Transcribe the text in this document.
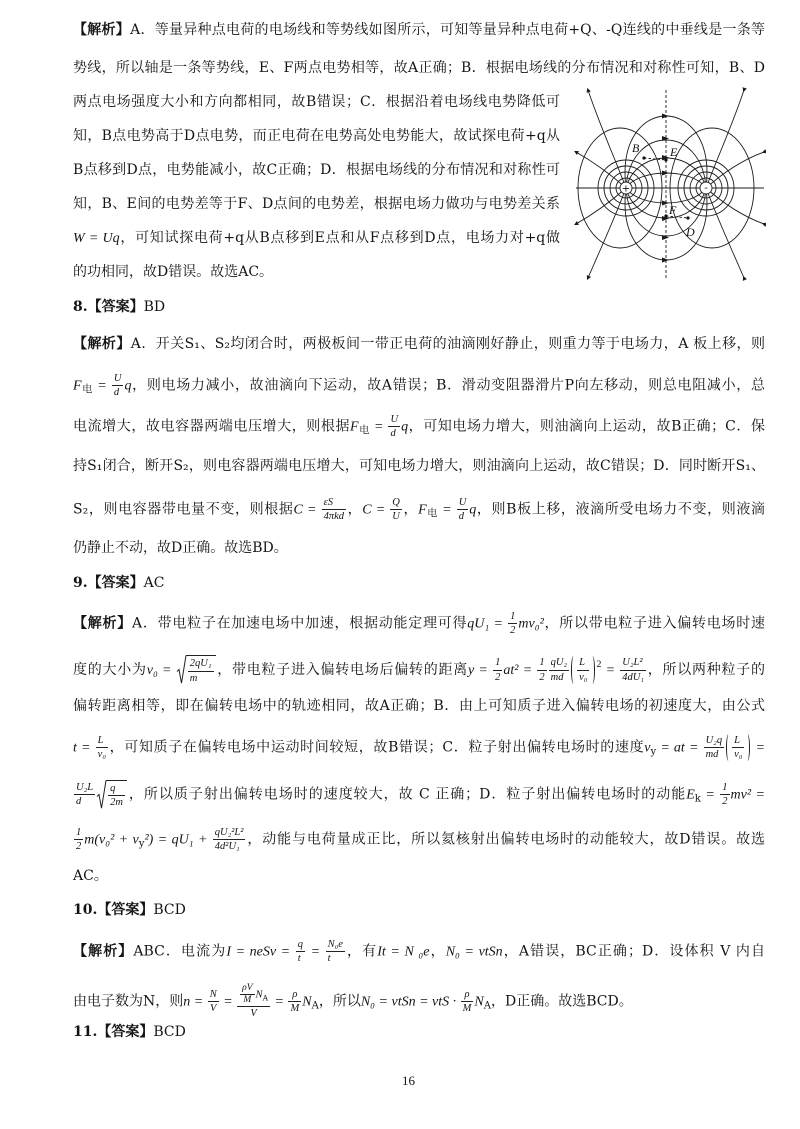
【解析】A．等量异种点电荷的电场线和等势线如图所示，可知等量异种点电荷+Q、-Q连线的中垂线是一条等
势线，所以轴是一条等势线，E、F两点电势相等，故A正确；B．根据电场线的分布情况和对称性可知，B、D
两点电场强度大小和方向都相同，故B错误；C．根据沿着电场线电势降低可
知，B点电势高于D点电势，而正电荷在电势高处电势能大，故试探电荷+q从
B点移到D点，电势能减小，故C正确；D．根据电场线的分布情况和对称性可
知，B、E间的电势差等于F、D点间的电势差，根据电场力做功与电势差关系
W = Uq，可知试探电荷+q从B点移到E点和从F点移到D点，电场力对+q做
的功相同，故D错误。故选AC。
8.【答案】BD
【解析】A．开关S₁、S₂均闭合时，两极板间一带正电荷的油滴刚好静止，则重力等于电场力，A 板上移，则
$F_电 = \frac{U}{d}$ q，则电场力减小，故油滴向下运动，故A错误；B．滑动变阻器滑片P向左移动，则总电阻减小，总
电流增大，故电容器两端电压增大，则根据$F_电 = \frac{U}{d}$ q，可知电场力增大，则油滴向上运动，故B正确；C．保
持S₁闭合，断开S₂，则电容器两端电压增大，可知电场力增大，则油滴向上运动，故C错误；D．同时断开S₁、
S₂，则电容器带电量不变，则根据$C = \frac{\varepsilon S}{\text{4πkd}}$ ，$C = \frac{Q}{U}$ ，$F_电 = \frac{U}{d}$ q，则B板上移，液滴所受电场力不变，则液滴
仍静止不动，故D正确。故选BD。
9.【答案】AC
【解析】A．带电粒子在加速电场中加速，根据动能定理可得$qU_1 = \frac{1}{2} mv_0^2$，所以带电粒子进入偏转电场时速
度的大小为$v_0 = \frac{\text{2qU₁}}{m}$ ，带电粒子进入偏转电场后偏转的距离$y = \frac{1}{2} at^2 = \frac{1}{2} \frac{\text{qU₂}}{md} \frac{L}{\text{v₀}} ^2 = \frac{\text{U₂L²}}{\text{4dU₁}}$ ，所以两种粒子的
偏转距离相等，即在偏转电场中的轨迹相同，故A正确；B．由上可知质子进入偏转电场的初速度大，由公式
$t = \frac{L}{\text{v₀}}$ ，可知质子在偏转电场中运动时间较短，故B错误；C．粒子射出偏转电场时的速度$v_y$ = at = $\frac{\text{U₂q}}{md} \frac{L}{\text{v₀}}$ =
$\frac{\text{U₂L}}{d} \frac{q}{2m}$ ，所以质子射出偏转电场时的速度较大，故 C 正确；D．粒子射出偏转电场时的动能$E_k = \frac{1}{2} mv^2$ =
$\frac{1}{2} m(v_0^2 + v_y^2) = qU_1 + \frac{\text{qU₂²L²}}{\text{4d²U₁}}$ ，动能与电荷量成正比，所以氦核射出偏转电场时的动能较大，故D错误。故选
AC。
10.【答案】BCD
【解析】ABC．电流为I = neSv = $\frac{q}{t} = \frac{\text{N₀e}}{t}$ ，有It = N ₀e，N₀ = vtSn，A错误，BC正确；D．设体积 V 内自
由电子数为N，则$n = \frac{N}{V} = \frac{\frac{\rho V}{M} N_A}{V} = \frac{\rho}{M} N_A$，所以N₀ = vtSn = vtS · $\frac{\rho}{M} N_A$，D正确。故选BCD。
11.【答案】BCD
+	-
B	E
F
D
16
